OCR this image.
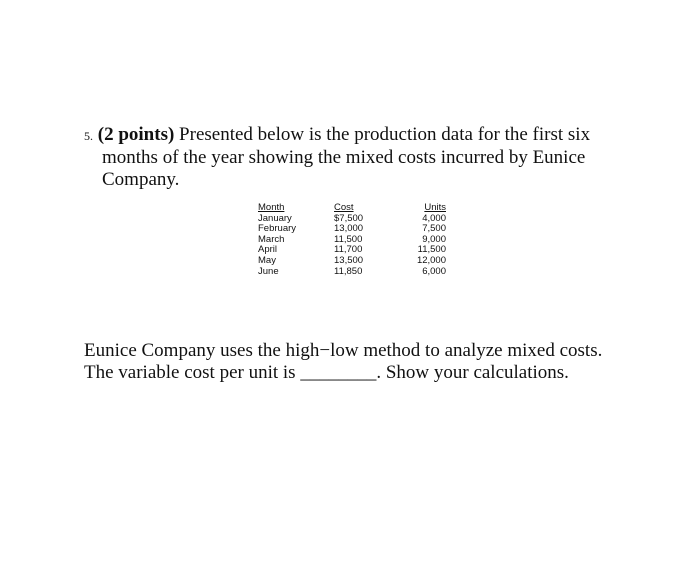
5. (2 points) Presented below is the production data for the first six
months of the year showing the mixed costs incurred by Eunice
Company.
Month	Cost	Units
January	$7,500	4,000
February	13,000	7,500
March	11,500	9,000
April	11,700	11,500
May	13,500	12,000
June	11,850	6,000
Eunice Company uses the high−low method to analyze mixed costs.
The variable cost per unit is ________. Show your calculations.
